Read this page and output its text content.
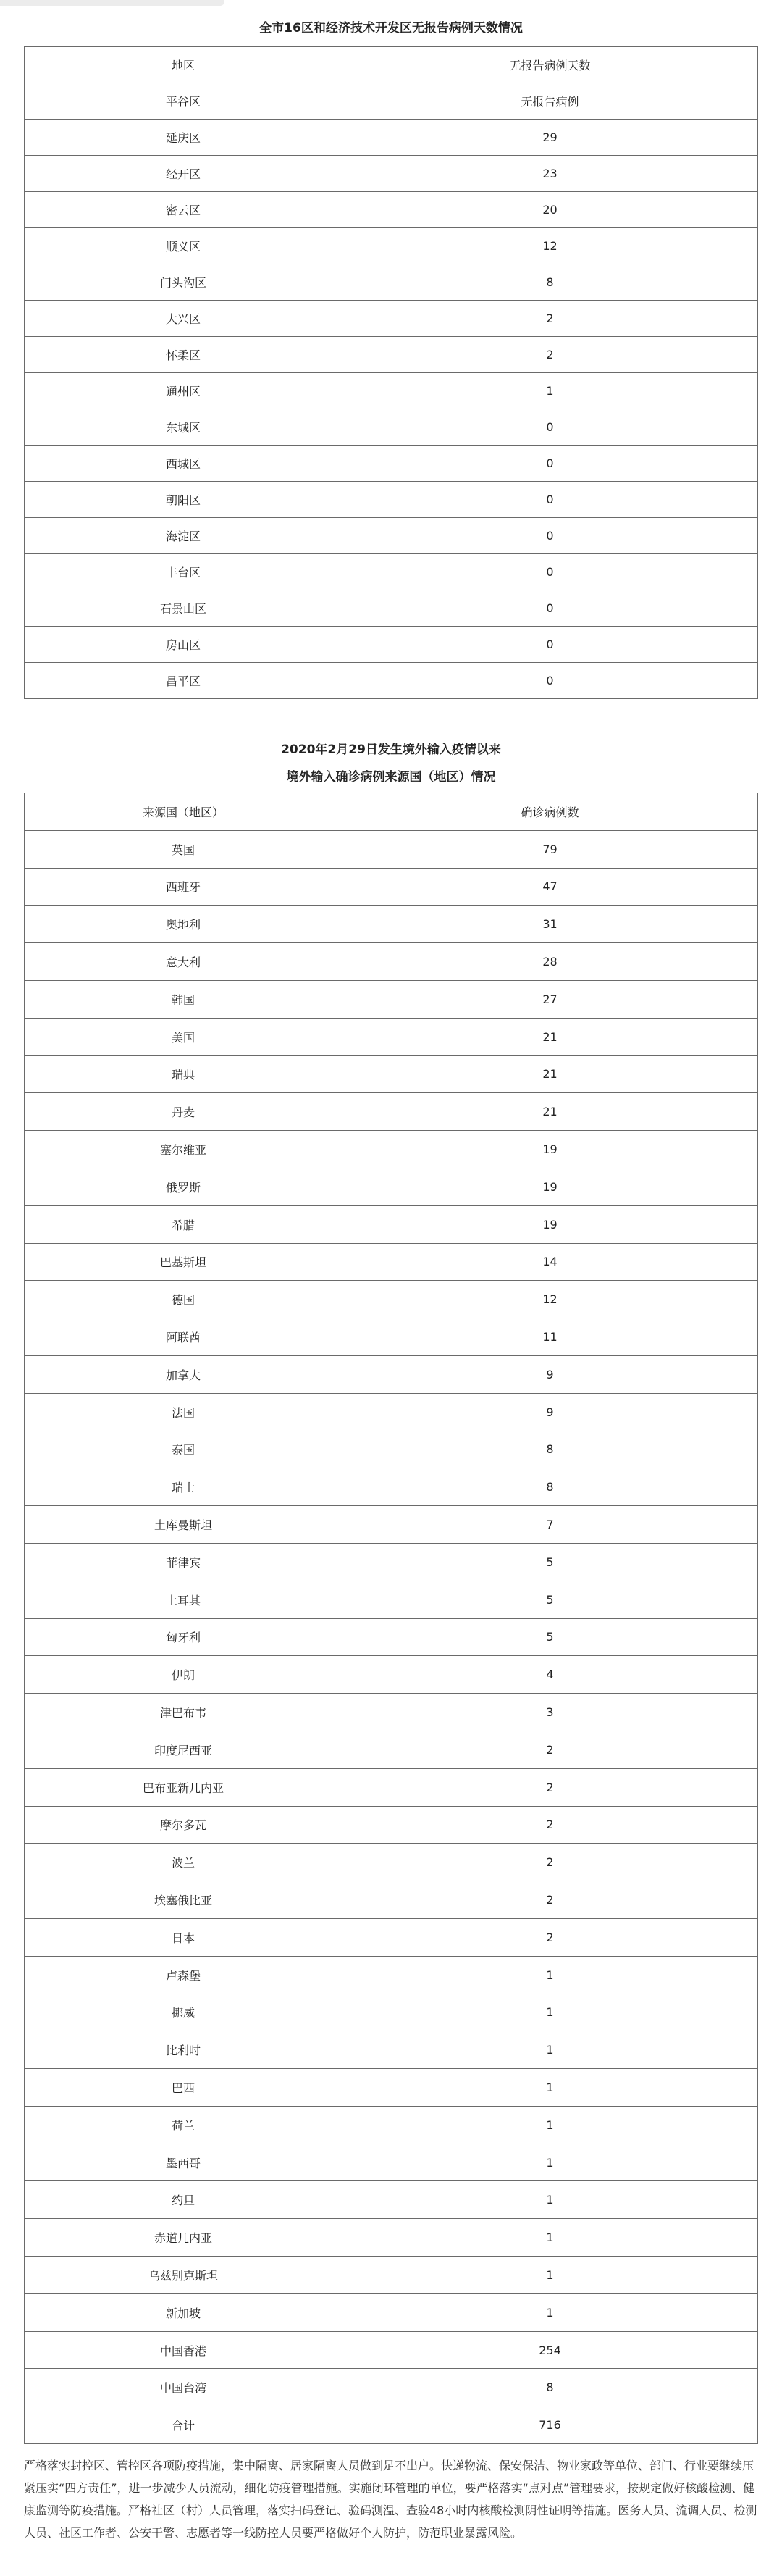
全市16区和经济技术开发区无报告病例天数情况
地区	无报告病例天数
平谷区	无报告病例
延庆区	29
经开区	23
密云区	20
顺义区	12
门头沟区	8
大兴区	2
怀柔区	2
通州区	1
东城区	0
西城区	0
朝阳区	0
海淀区	0
丰台区	0
石景山区	0
房山区	0
昌平区	0
2020年2月29日发生境外输入疫情以来
境外输入确诊病例来源国（地区）情况
来源国（地区）	确诊病例数
英国	79
西班牙	47
奥地利	31
意大利	28
韩国	27
美国	21
瑞典	21
丹麦	21
塞尔维亚	19
俄罗斯	19
希腊	19
巴基斯坦	14
德国	12
阿联酋	11
加拿大	9
法国	9
泰国	8
瑞士	8
土库曼斯坦	7
菲律宾	5
土耳其	5
匈牙利	5
伊朗	4
津巴布韦	3
印度尼西亚	2
巴布亚新几内亚	2
摩尔多瓦	2
波兰	2
埃塞俄比亚	2
日本	2
卢森堡	1
挪威	1
比利时	1
巴西	1
荷兰	1
墨西哥	1
约旦	1
赤道几内亚	1
乌兹别克斯坦	1
新加坡	1
中国香港	254
中国台湾	8
合计	716

严格落实封控区、管控区各项防疫措施，集中隔离、居家隔离人员做到足不出户。快递物流、保安保洁、物业家政等单位、部门、行业要继续压紧压实“四方责任”，进一步减少人员流动，细化防疫管理措施。实施闭环管理的单位，要严格落实“点对点”管理要求，按规定做好核酸检测、健康监测等防疫措施。严格社区（村）人员管理，落实扫码登记、验码测温、查验48小时内核酸检测阴性证明等措施。医务人员、流调人员、检测人员、社区工作者、公安干警、志愿者等一线防控人员要严格做好个人防护，防范职业暴露风险。
